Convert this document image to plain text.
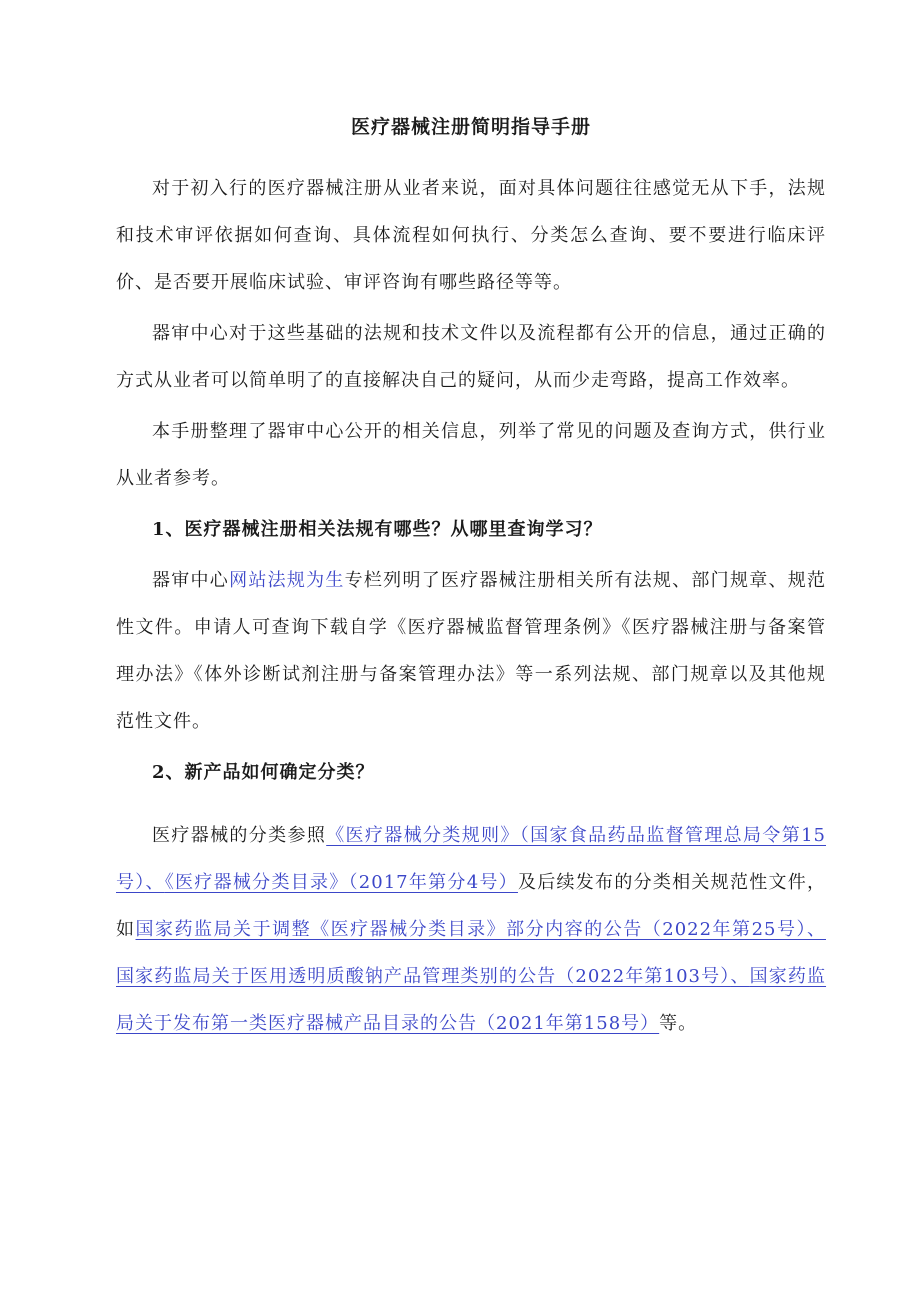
医疗器械注册简明指导手册

对于初入行的医疗器械注册从业者来说，面对具体问题往往感觉无从下手，法规和技术审评依据如何查询、具体流程如何执行、分类怎么查询、要不要进行临床评价、是否要开展临床试验、审评咨询有哪些路径等等。

器审中心对于这些基础的法规和技术文件以及流程都有公开的信息，通过正确的方式从业者可以简单明了的直接解决自己的疑问，从而少走弯路，提高工作效率。

本手册整理了器审中心公开的相关信息，列举了常见的问题及查询方式，供行业从业者参考。

1、医疗器械注册相关法规有哪些？从哪里查询学习？

器审中心网站法规为生专栏列明了医疗器械注册相关所有法规、部门规章、规范性文件。申请人可查询下载自学《医疗器械监督管理条例》《医疗器械注册与备案管理办法》《体外诊断试剂注册与备案管理办法》等一系列法规、部门规章以及其他规范性文件。

2、新产品如何确定分类？

医疗器械的分类参照《医疗器械分类规则》（国家食品药品监督管理总局令第15号）、《医疗器械分类目录》（2017年第分4号）及后续发布的分类相关规范性文件，如国家药监局关于调整《医疗器械分类目录》部分内容的公告（2022年第25号）、国家药监局关于医用透明质酸钠产品管理类别的公告（2022年第103号）、国家药监局关于发布第一类医疗器械产品目录的公告（2021年第158号）等。
